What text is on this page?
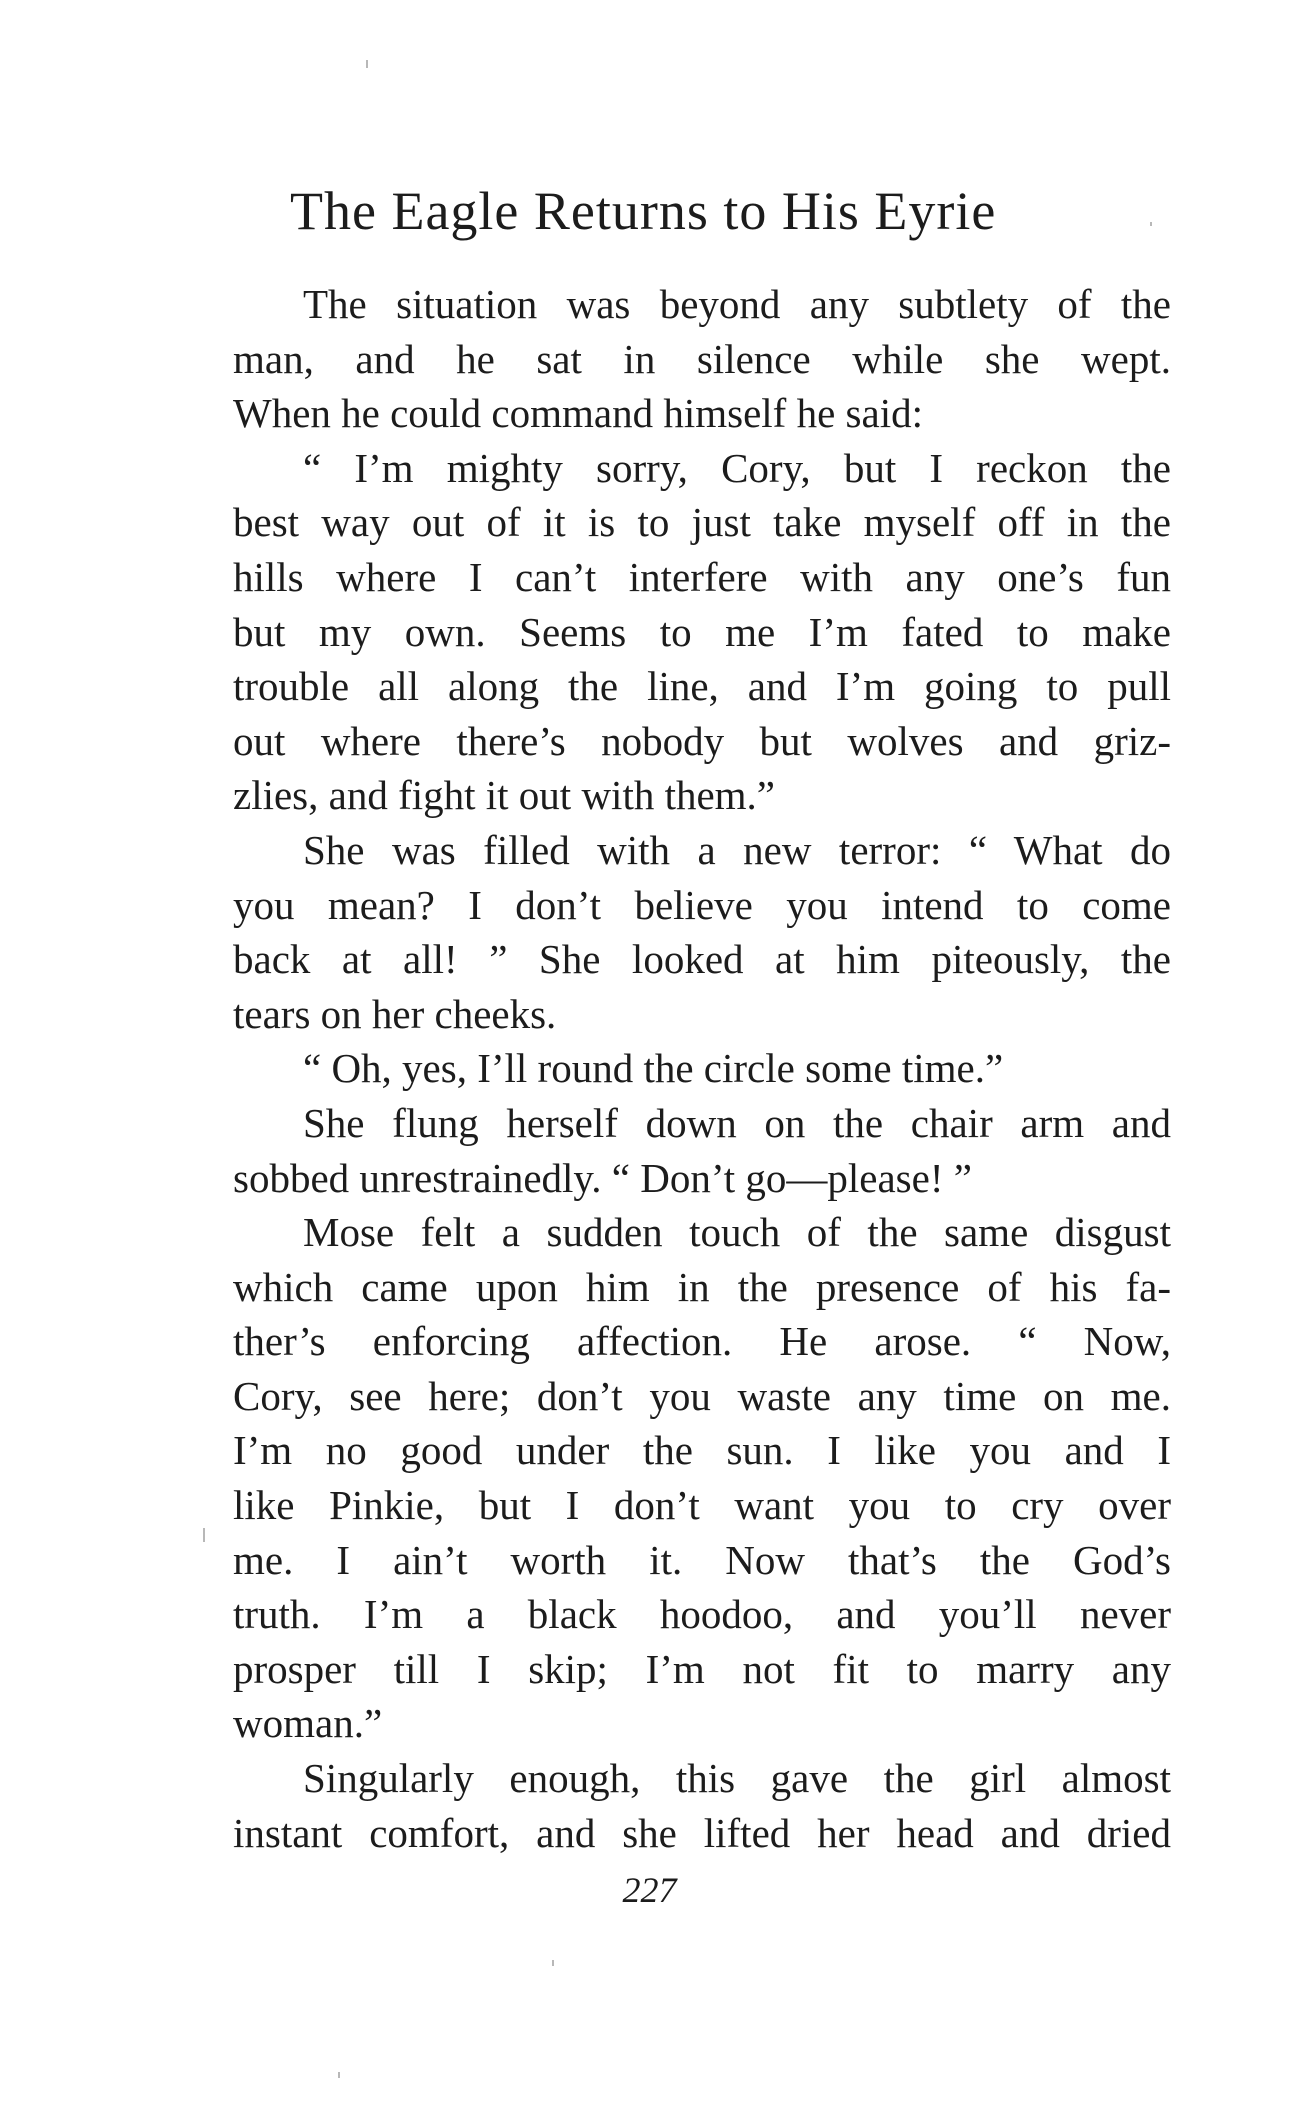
The Eagle Returns to His Eyrie
The situation was beyond any subtlety of the
man, and he sat in silence while she wept.
When he could command himself he said:
“ I’m mighty sorry, Cory, but I reckon the
best way out of it is to just take myself off in the
hills where I can’t interfere with any one’s fun
but my own. Seems to me I’m fated to make
trouble all along the line, and I’m going to pull
out where there’s nobody but wolves and griz-
zlies, and fight it out with them.”
She was filled with a new terror: “ What do
you mean? I don’t believe you intend to come
back at all! ” She looked at him piteously, the
tears on her cheeks.
“ Oh, yes, I’ll round the circle some time.”
She flung herself down on the chair arm and
sobbed unrestrainedly. “ Don’t go—please! ”
Mose felt a sudden touch of the same disgust
which came upon him in the presence of his fa-
ther’s enforcing affection. He arose. “ Now,
Cory, see here; don’t you waste any time on me.
I’m no good under the sun. I like you and I
like Pinkie, but I don’t want you to cry over
me. I ain’t worth it. Now that’s the God’s
truth. I’m a black hoodoo, and you’ll never
prosper till I skip; I’m not fit to marry any
woman.”
Singularly enough, this gave the girl almost
instant comfort, and she lifted her head and dried
227
